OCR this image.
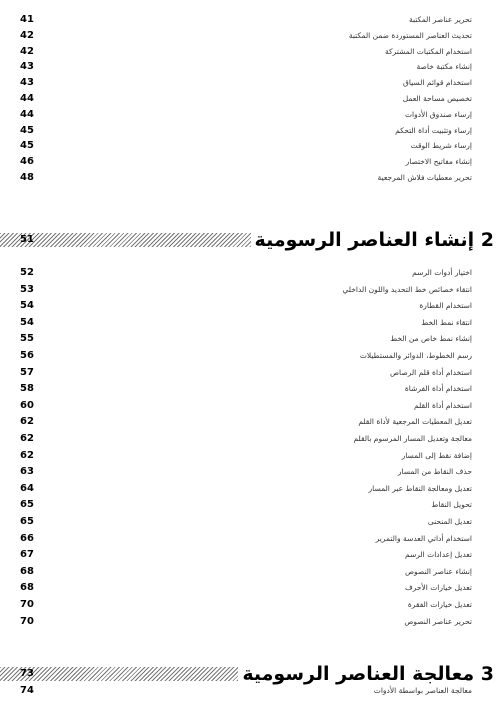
41	تحرير عناصر المكتبة
42	تحديث العناصر المستوردة ضمن المكتبة
42	استخدام المكتبات المشتركة
43	إنشاء مكتبة خاصة
43	استخدام قوائم السياق
44	تخصيص مساحة العمل
44	إرساء صندوق الأدوات
45	إرساء وتثبيت أداة التحكم
45	إرساء شريط الوقت
46	إنشاء مفاتيح الاختصار
48	تحرير معطيات فلاش المرجعية
51	2 إنشاء العناصر الرسومية
52	اختيار أدوات الرسم
53	انتقاء خصائص خط التحديد واللون الداخلي
54	استخدام القطارة
54	انتقاء نمط الخط
55	إنشاء نمط خاص من الخط
56	رسم الخطوط، الدوائر والمستطيلات
57	استخدام أداة قلم الرصاص
58	استخدام أداة الفرشاة
60	استخدام أداة القلم
62	تعديل المعطيات المرجعية لأداة القلم
62	معالجة وتعديل المسار المرسوم بالقلم
62	إضافة نقط إلى المسار
63	حذف النقاط من المسار
64	تعديل ومعالجة النقاط عبر المسار
65	تحويل النقاط
65	تعديل المنحنى
66	استخدام أداتي العدسة والتمرير
67	تعديل إعدادات الرسم
68	إنشاء عناصر النصوص
68	تعديل خيارات الأحرف
70	تعديل خيارات الفقرة
70	تحرير عناصر النصوص
73	3 معالجة العناصر الرسومية
74	معالجة العناصر بواسطة الأدوات
